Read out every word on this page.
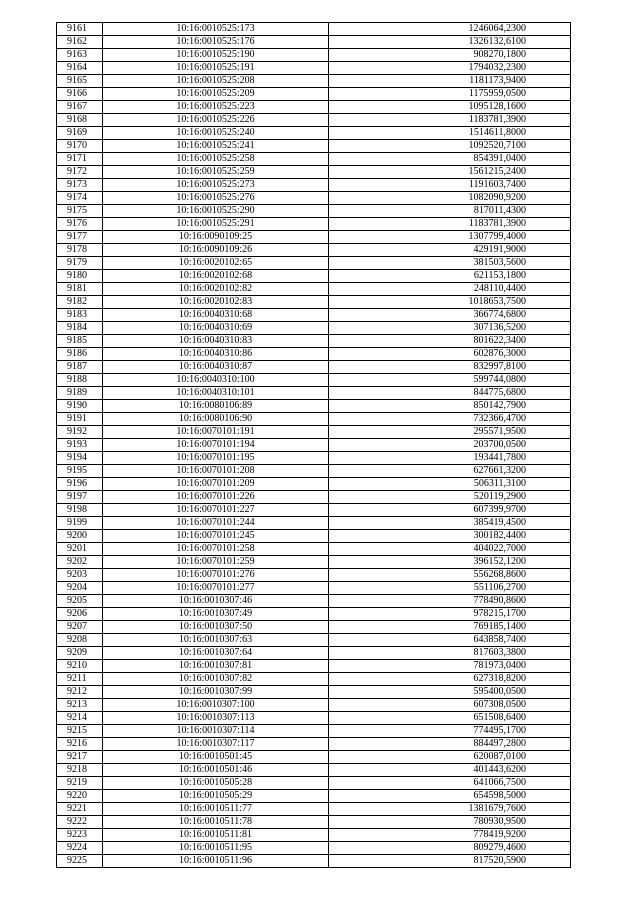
9161	10:16:0010525:173	1246064,2300
9162	10:16:0010525:176	1326132,6100
9163	10:16:0010525:190	908270,1800
9164	10:16:0010525:191	1794032,2300
9165	10:16:0010525:208	1181173,9400
9166	10:16:0010525:209	1175959,0500
9167	10:16:0010525:223	1095128,1600
9168	10:16:0010525:226	1183781,3900
9169	10:16:0010525:240	1514611,8000
9170	10:16:0010525:241	1092520,7100
9171	10:16:0010525:258	854391,0400
9172	10:16:0010525:259	1561215,2400
9173	10:16:0010525:273	1191603,7400
9174	10:16:0010525:276	1082090,9200
9175	10:16:0010525:290	817011,4300
9176	10:16:0010525:291	1183781,3900
9177	10:16:0090109:25	1307799,4000
9178	10:16:0090109:26	429191,9000
9179	10:16:0020102:65	381503,5600
9180	10:16:0020102:68	621153,1800
9181	10:16:0020102:82	248110,4400
9182	10:16:0020102:83	1018653,7500
9183	10:16:0040310:68	366774,6800
9184	10:16:0040310:69	307136,5200
9185	10:16:0040310:83	801622,3400
9186	10:16:0040310:86	602876,3000
9187	10:16:0040310:87	832997,8100
9188	10:16:0040310:100	599744,0800
9189	10:16:0040310:101	844775,6800
9190	10:16:0080106:89	850142,7900
9191	10:16:0080106:90	732366,4700
9192	10:16:0070101:191	295571,9500
9193	10:16:0070101:194	203700,0500
9194	10:16:0070101:195	193441,7800
9195	10:16:0070101:208	627661,3200
9196	10:16:0070101:209	506311,3100
9197	10:16:0070101:226	520119,2900
9198	10:16:0070101:227	607399,9700
9199	10:16:0070101:244	385419,4500
9200	10:16:0070101:245	300182,4400
9201	10:16:0070101:258	404022,7000
9202	10:16:0070101:259	396152,1200
9203	10:16:0070101:276	556268,8600
9204	10:16:0070101:277	551106,2700
9205	10:16:0010307:46	778490,8600
9206	10:16:0010307:49	978215,1700
9207	10:16:0010307:50	769185,1400
9208	10:16:0010307:63	643858,7400
9209	10:16:0010307:64	817603,3800
9210	10:16:0010307:81	781973,0400
9211	10:16:0010307:82	627318,8200
9212	10:16:0010307:99	595400,0500
9213	10:16:0010307:100	607308,0500
9214	10:16:0010307:113	651508,6400
9215	10:16:0010307:114	774495,1700
9216	10:16:0010307:117	884497,2800
9217	10:16:0010501:45	620087,0100
9218	10:16:0010501:46	401443,6200
9219	10:16:0010505:28	641066,7500
9220	10:16:0010505:29	654598,5000
9221	10:16:0010511:77	1381679,7600
9222	10:16:0010511:78	780930,9500
9223	10:16:0010511:81	778419,9200
9224	10:16:0010511:95	809279,4600
9225	10:16:0010511:96	817520,5900
